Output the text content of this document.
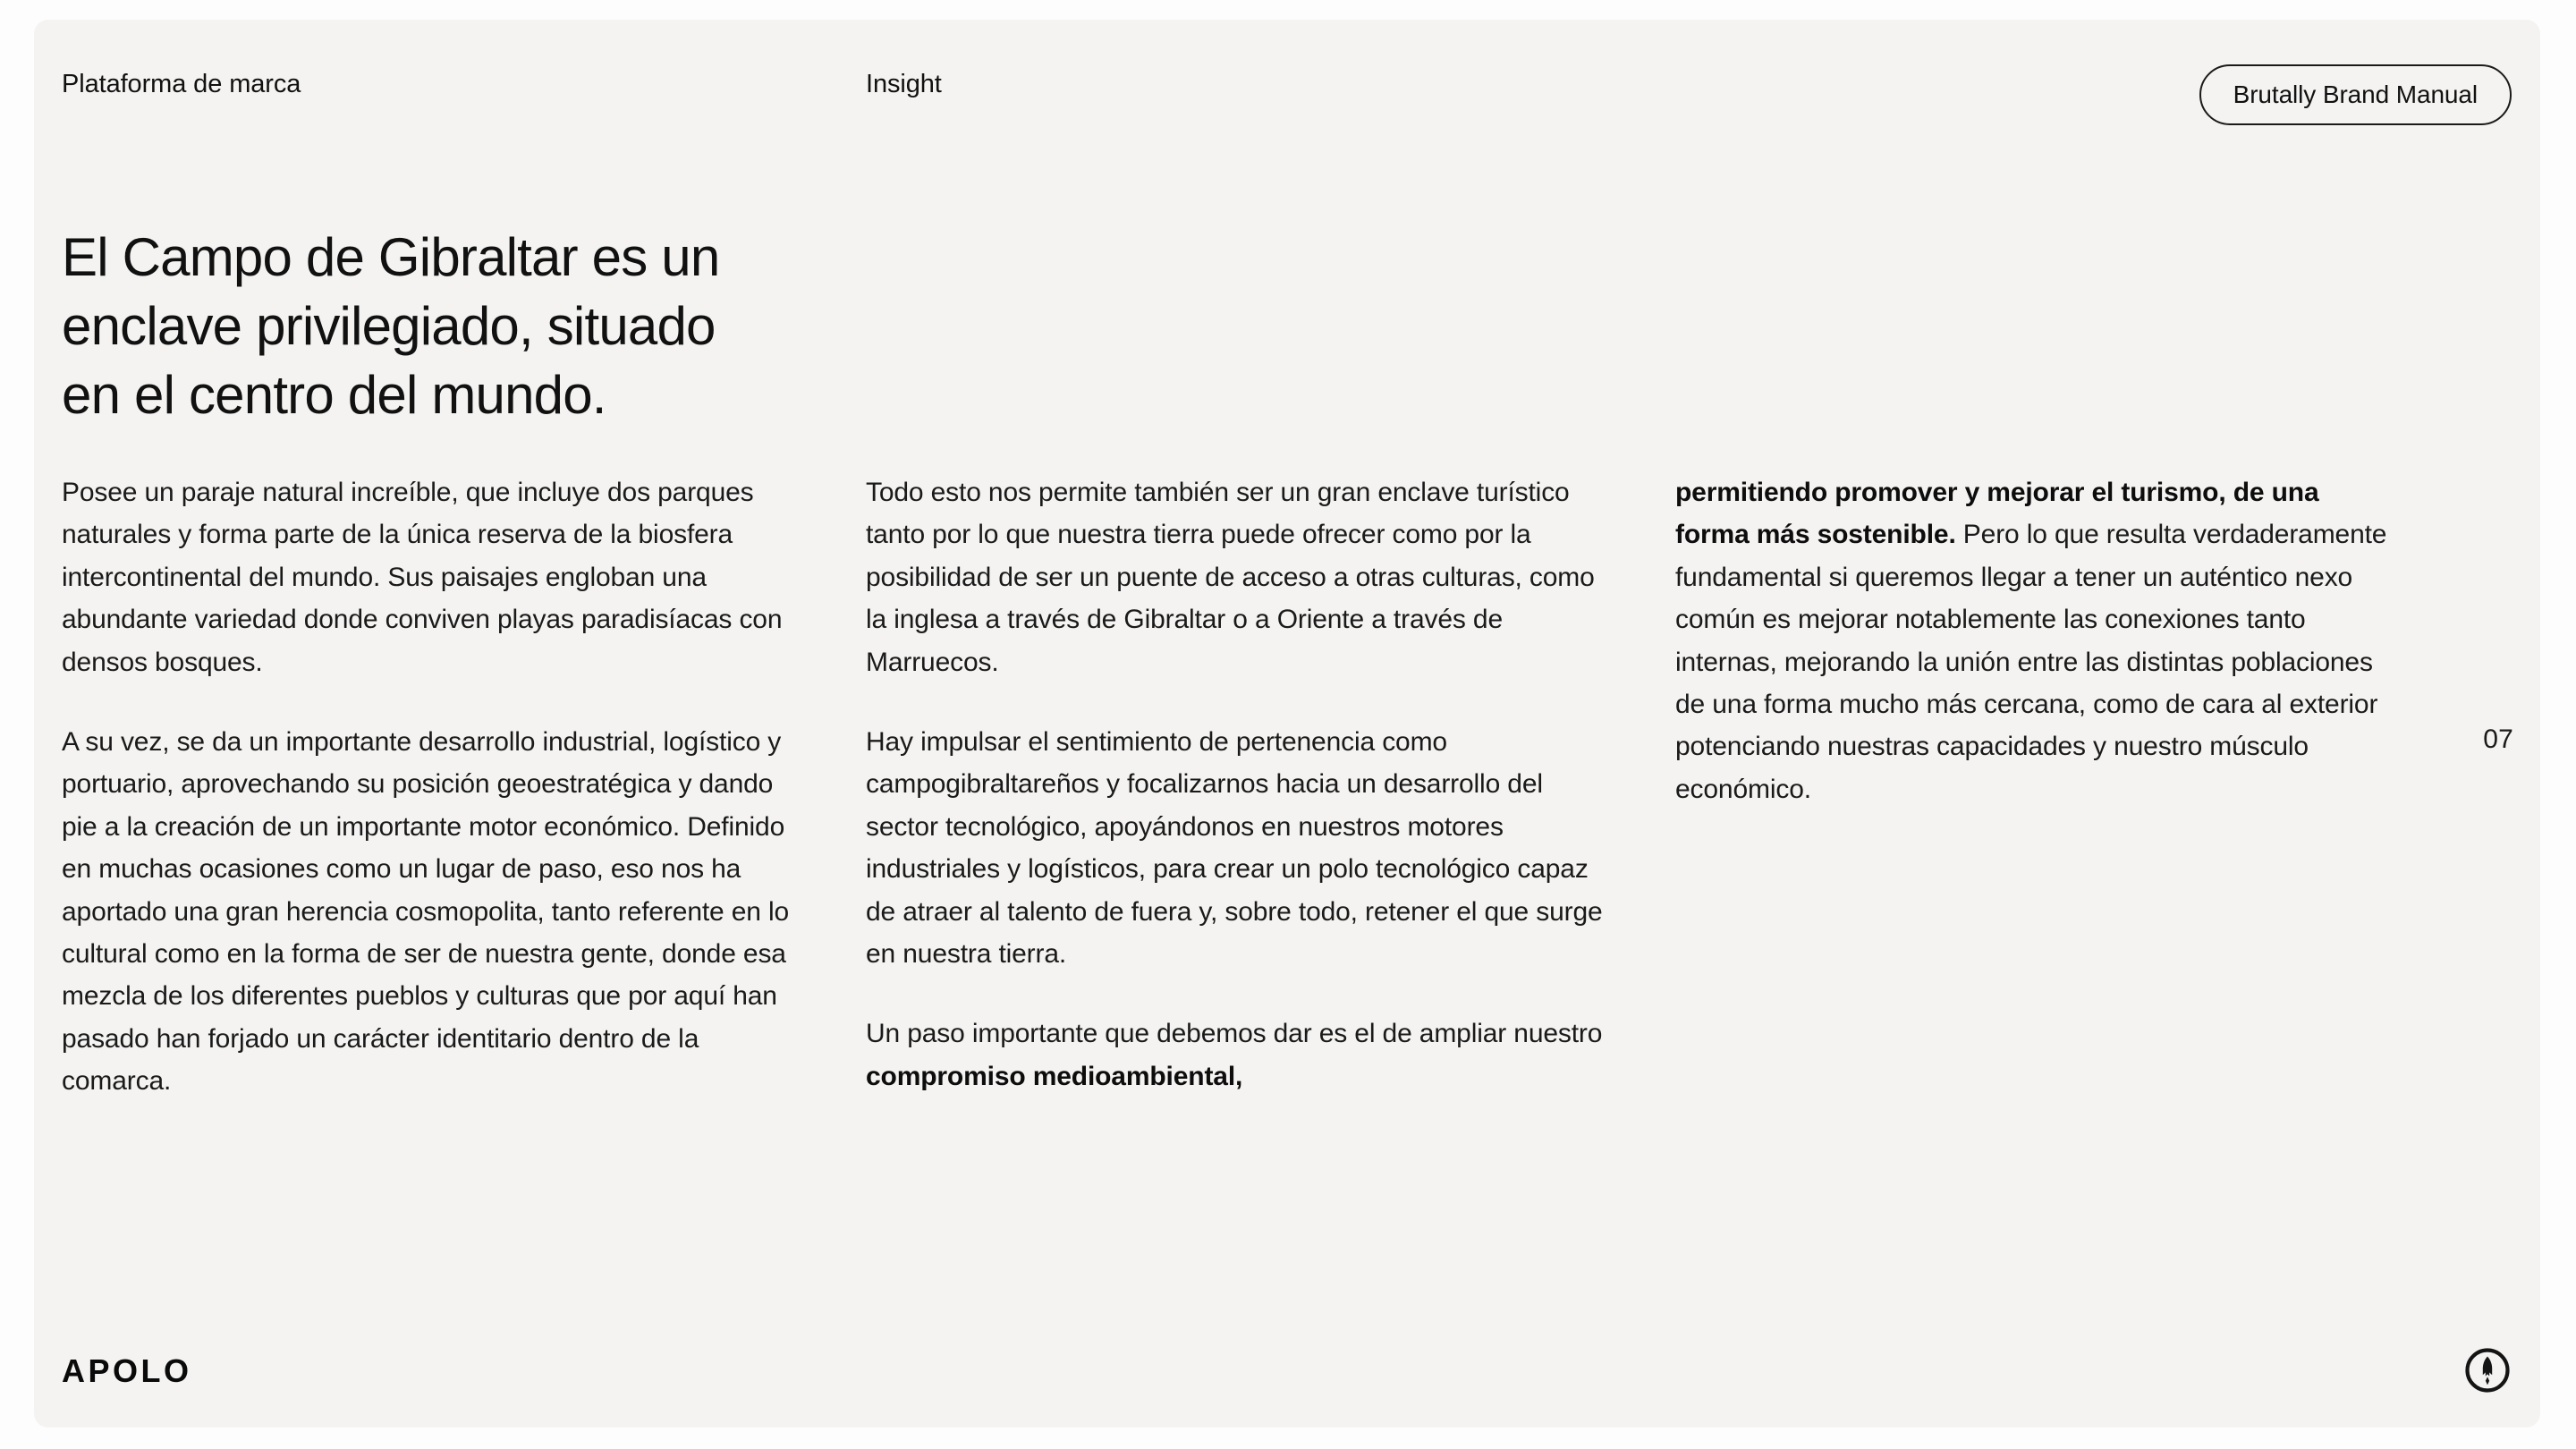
Plataforma de marca	Insight	Brutally Brand Manual
El Campo de Gibraltar es un
enclave privilegiado, situado
en el centro del mundo.

Posee un paraje natural increíble, que incluye dos parques naturales y forma parte de la única reserva de la biosfera intercontinental del mundo. Sus paisajes engloban una abundante variedad donde conviven playas paradisíacas con densos bosques.

A su vez, se da un importante desarrollo industrial, logístico y portuario, aprovechando su posición geoestratégica y dando pie a la creación de un importante motor económico. Definido en muchas ocasiones como un lugar de paso, eso nos ha aportado una gran herencia cosmopolita, tanto referente en lo cultural como en la forma de ser de nuestra gente, donde esa mezcla de los diferentes pueblos y culturas que por aquí han pasado han forjado un carácter identitario dentro de la comarca.

Todo esto nos permite también ser un gran enclave turístico tanto por lo que nuestra tierra puede ofrecer como por la posibilidad de ser un puente de acceso a otras culturas, como la inglesa a través de Gibraltar o a Oriente a través de Marruecos.

Hay impulsar el sentimiento de pertenencia como campogibraltareños y focalizarnos hacia un desarrollo del sector tecnológico, apoyándonos en nuestros motores industriales y logísticos, para crear un polo tecnológico capaz de atraer al talento de fuera y, sobre todo, retener el que surge en nuestra tierra.

Un paso importante que debemos dar es el de ampliar nuestro compromiso medioambiental,

permitiendo promover y mejorar el turismo, de una forma más sostenible. Pero lo que resulta verdaderamente fundamental si queremos llegar a tener un auténtico nexo común es mejorar notablemente las conexiones tanto internas, mejorando la unión entre las distintas poblaciones de una forma mucho más cercana, como de cara al exterior potenciando nuestras capacidades y nuestro músculo económico.

07
APOLO
